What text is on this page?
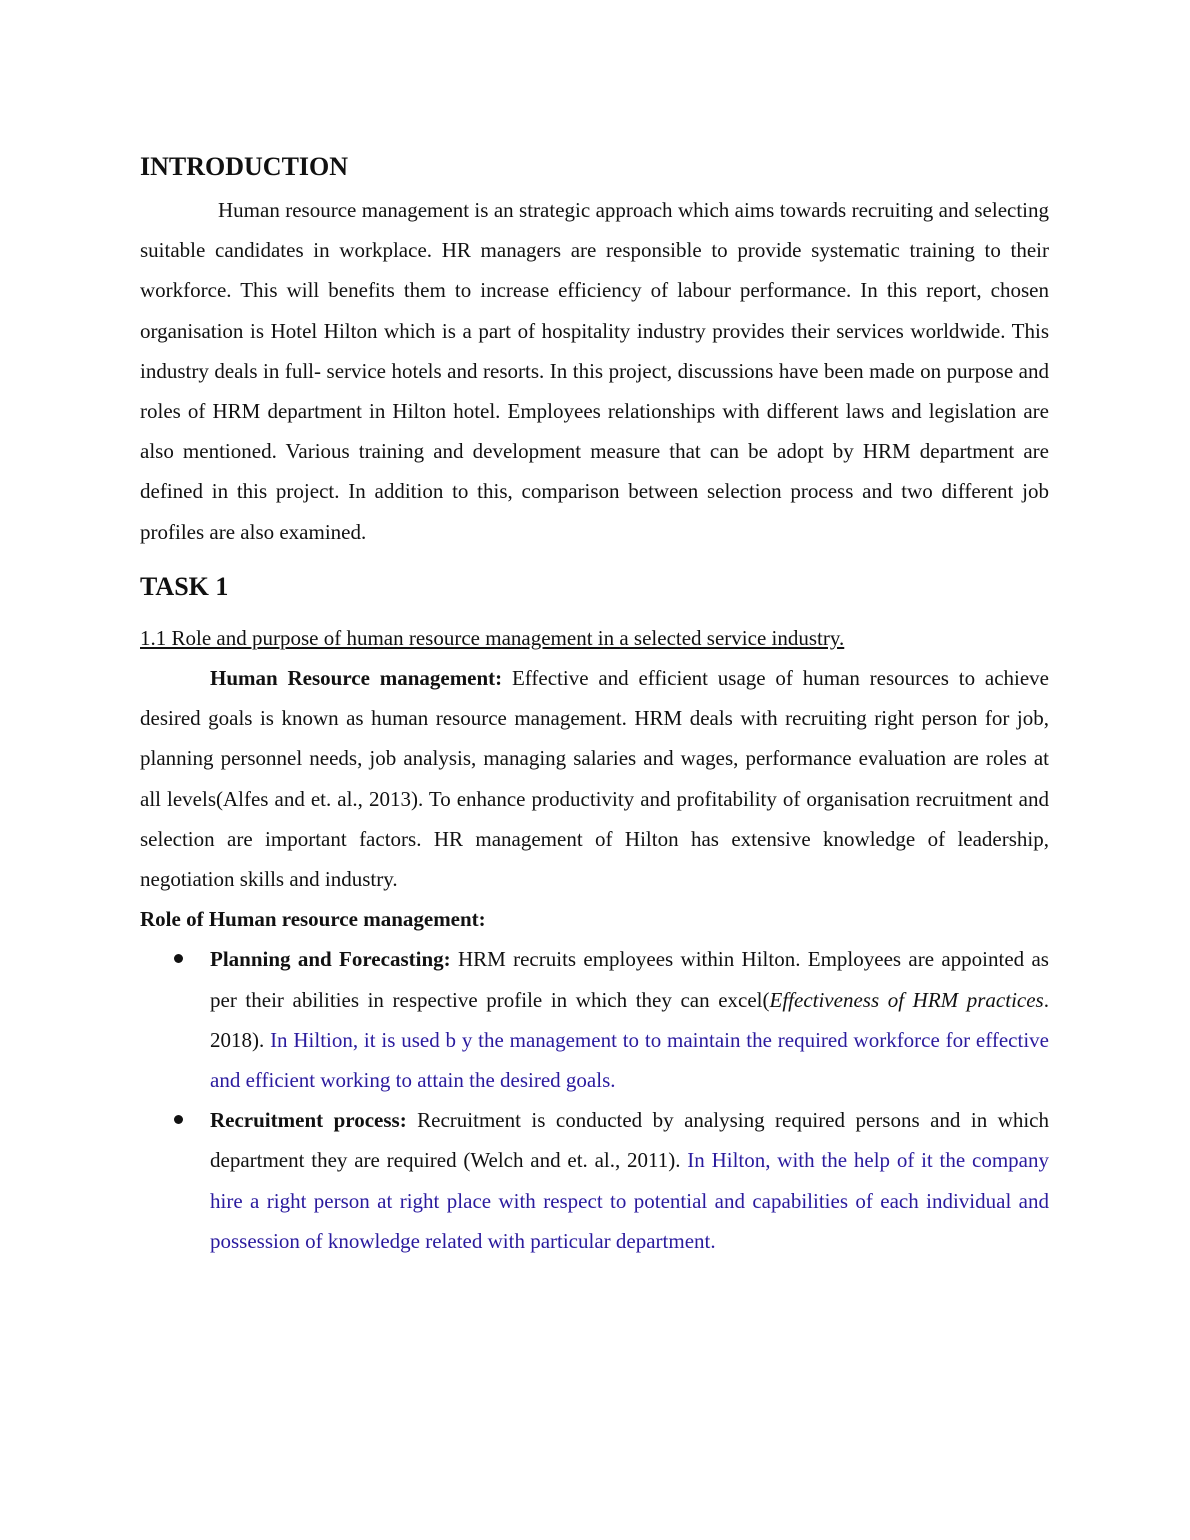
INTRODUCTION

Human resource management is an strategic approach which aims towards recruiting and selecting suitable candidates in workplace. HR managers are responsible to provide systematic training to their workforce. This will benefits them to increase efficiency of labour performance. In this report, chosen organisation is Hotel Hilton which is a part of hospitality industry provides their services worldwide. This industry deals in full- service hotels and resorts. In this project, discussions have been made on purpose and roles of HRM department in Hilton hotel. Employees relationships with different laws and legislation are also mentioned. Various training and development measure that can be adopt by HRM department are defined in this project. In addition to this, comparison between selection process and two different job profiles are also examined.

TASK 1

1.1 Role and purpose of human resource management in a selected service industry.

Human Resource management: Effective and efficient usage of human resources to achieve desired goals is known as human resource management. HRM deals with recruiting right person for job, planning personnel needs, job analysis, managing salaries and wages, performance evaluation are roles at all levels(Alfes and et. al., 2013). To enhance productivity and profitability of organisation recruitment and selection are important factors. HR management of Hilton has extensive knowledge of leadership, negotiation skills and industry.

Role of Human resource management:

Planning and Forecasting: HRM recruits employees within Hilton. Employees are appointed as per their abilities in respective profile in which they can excel(Effectiveness of HRM practices. 2018). In Hiltion, it is used b y the management to to maintain the required workforce for effective and efficient working to attain the desired goals.

Recruitment process: Recruitment is conducted by analysing required persons and in which department they are required (Welch and et. al., 2011). In Hilton, with the help of it the company hire a right person at right place with respect to potential and capabilities of each individual and possession of knowledge related with particular department.
